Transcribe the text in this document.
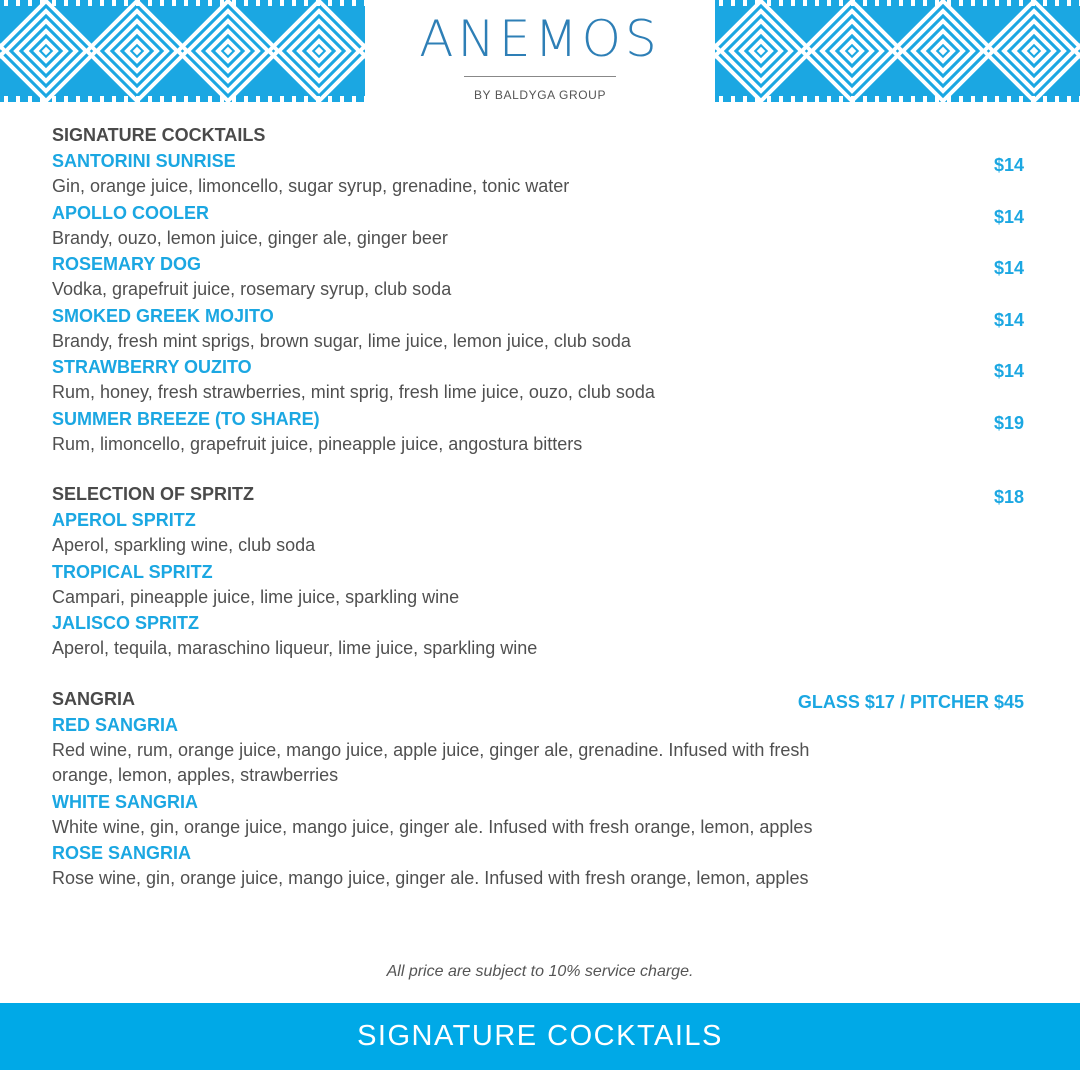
ANEMOS
BY BALDYGA GROUP
SIGNATURE COCKTAILS
SANTORINI SUNRISE	$14
Gin, orange juice, limoncello, sugar syrup, grenadine, tonic water
APOLLO COOLER	$14
Brandy, ouzo, lemon juice, ginger ale, ginger beer
ROSEMARY DOG	$14
Vodka, grapefruit juice, rosemary syrup, club soda
SMOKED GREEK MOJITO	$14
Brandy, fresh mint sprigs, brown sugar, lime juice, lemon juice, club soda
STRAWBERRY OUZITO	$14
Rum, honey, fresh strawberries, mint sprig, fresh lime juice, ouzo, club soda
SUMMER BREEZE (TO SHARE)	$19
Rum, limoncello, grapefruit juice, pineapple juice, angostura bitters
SELECTION OF SPRITZ	$18
APEROL SPRITZ
Aperol, sparkling wine, club soda
TROPICAL SPRITZ
Campari, pineapple juice, lime juice, sparkling wine
JALISCO SPRITZ
Aperol, tequila, maraschino liqueur, lime juice, sparkling wine
SANGRIA	GLASS $17 / PITCHER $45
RED SANGRIA
Red wine, rum, orange juice, mango juice, apple juice, ginger ale, grenadine. Infused with fresh orange, lemon, apples, strawberries
WHITE SANGRIA
White wine, gin, orange juice, mango juice, ginger ale. Infused with fresh orange, lemon, apples
ROSE SANGRIA
Rose wine, gin, orange juice, mango juice, ginger ale. Infused with fresh orange, lemon, apples
All price are subject to 10% service charge.
SIGNATURE COCKTAILS
